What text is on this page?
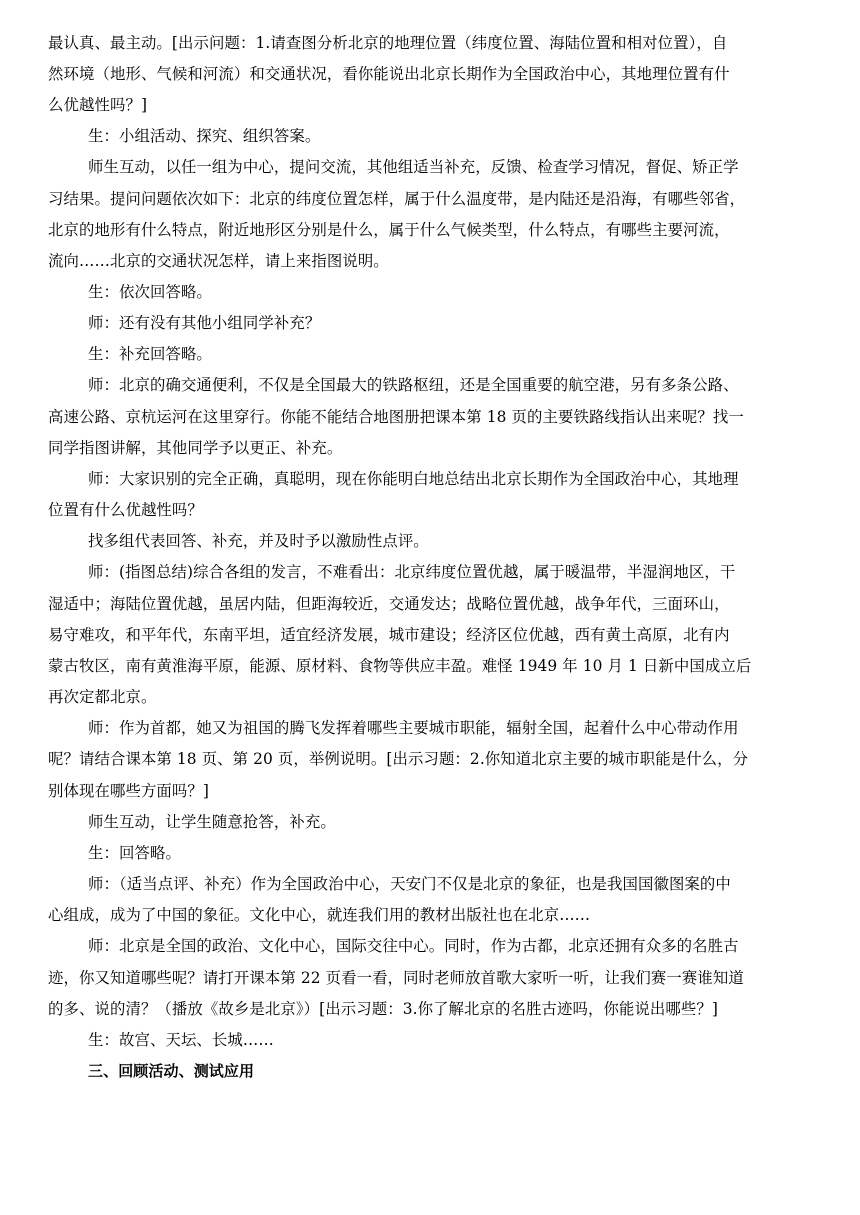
最认真、最主动。[出示问题：1.请查图分析北京的地理位置（纬度位置、海陆位置和相对位置），自
然环境（地形、气候和河流）和交通状况，看你能说出北京长期作为全国政治中心，其地理位置有什
么优越性吗？]
生：小组活动、探究、组织答案。
师生互动，以任一组为中心，提问交流，其他组适当补充，反馈、检查学习情况，督促、矫正学
习结果。提问问题依次如下：北京的纬度位置怎样，属于什么温度带，是内陆还是沿海，有哪些邻省，
北京的地形有什么特点，附近地形区分别是什么，属于什么气候类型，什么特点，有哪些主要河流，
流向……北京的交通状况怎样，请上来指图说明。
生：依次回答略。
师：还有没有其他小组同学补充？
生：补充回答略。
师：北京的确交通便利，不仅是全国最大的铁路枢纽，还是全国重要的航空港，另有多条公路、
高速公路、京杭运河在这里穿行。你能不能结合地图册把课本第 18 页的主要铁路线指认出来呢？找一
同学指图讲解，其他同学予以更正、补充。
师：大家识别的完全正确，真聪明，现在你能明白地总结出北京长期作为全国政治中心，其地理
位置有什么优越性吗？
找多组代表回答、补充，并及时予以激励性点评。
师：(指图总结)综合各组的发言，不难看出：北京纬度位置优越，属于暖温带，半湿润地区，干
湿适中；海陆位置优越，虽居内陆，但距海较近，交通发达；战略位置优越，战争年代，三面环山，
易守难攻，和平年代，东南平坦，适宜经济发展，城市建设；经济区位优越，西有黄土高原，北有内
蒙古牧区，南有黄淮海平原，能源、原材料、食物等供应丰盈。难怪 1949 年 10 月 1 日新中国成立后
再次定都北京。
师：作为首都，她又为祖国的腾飞发挥着哪些主要城市职能，辐射全国，起着什么中心带动作用
呢？请结合课本第 18 页、第 20 页，举例说明。[出示习题：2.你知道北京主要的城市职能是什么，分
别体现在哪些方面吗？]
师生互动，让学生随意抢答，补充。
生：回答略。
师：（适当点评、补充）作为全国政治中心，天安门不仅是北京的象征，也是我国国徽图案的中
心组成，成为了中国的象征。文化中心，就连我们用的教材出版社也在北京……
师：北京是全国的政治、文化中心，国际交往中心。同时，作为古都，北京还拥有众多的名胜古
迹，你又知道哪些呢？请打开课本第 22 页看一看，同时老师放首歌大家听一听，让我们赛一赛谁知道
的多、说的清？（播放《故乡是北京》）[出示习题：3.你了解北京的名胜古迹吗，你能说出哪些？]
生：故宫、天坛、长城……
三、回顾活动、测试应用
